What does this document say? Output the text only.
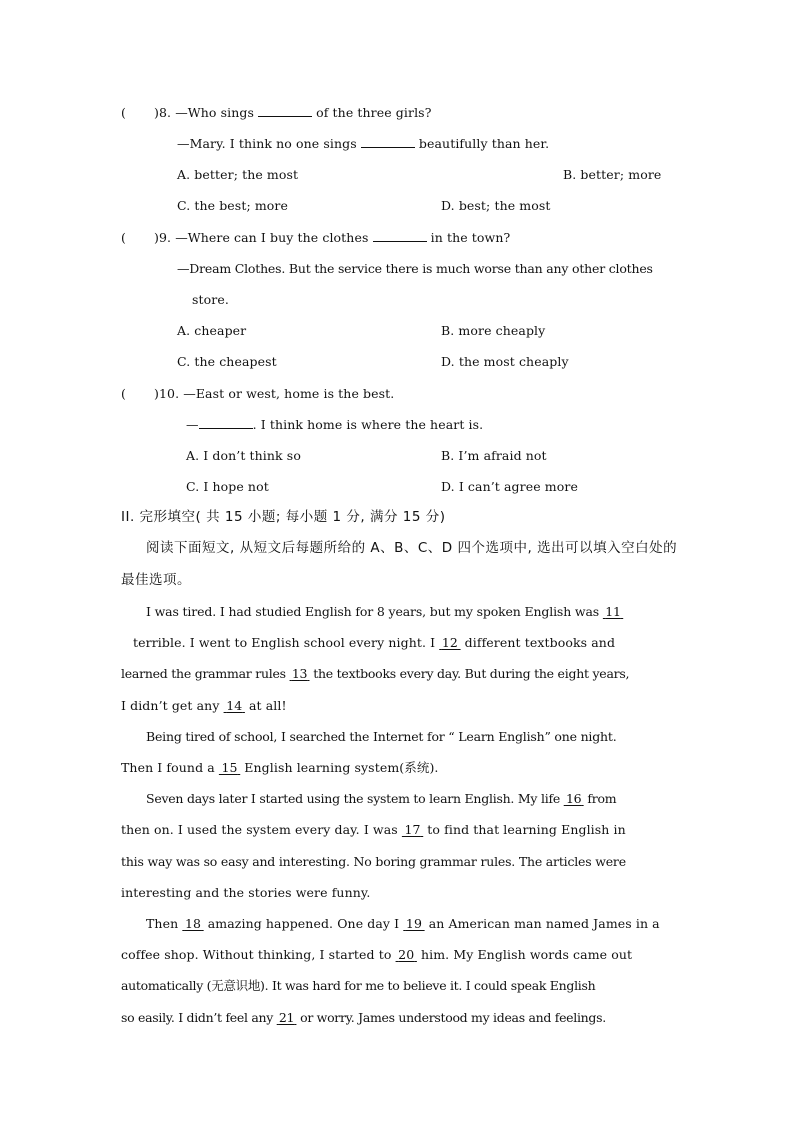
( )8. —Who sings	of the three girls?
—Mary. I think no one sings	beautifully than her.
A. better; the most	B. better; more
C. the best; more	D. best; the most
( )9. —Where can I buy the clothes	in the town?
—Dream Clothes. But the service there is much worse than any other clothes
store.
A. cheaper	B. more cheaply
C. the cheapest	D. the most cheaply
( )10. —East or west, home is the best.
—	. I think home is where the heart is.
A. I don’t think so	B. I’m afraid not
C. I hope not	D. I can’t agree more
II. 完形填空( 共 15 小题; 每小题 1 分, 满分 15 分)
阅读下面短文, 从短文后每题所给的 A、B、C、D 四个选项中, 选出可以填入空白处的
最佳选项。
I was tired. I had studied English for 8 years, but my spoken English was   11 
terrible. I went to English school every night. I   12  different textbooks and
learned the grammar rules   13  the textbooks every day. But during the eight years,
I didn’t get any   14  at all!
Being tired of school, I searched the Internet for “ Learn English” one night.
Then I found a   15  English learning system(系统).
Seven days later I started using the system to learn English. My life   16  from
then on. I used the system every day. I was   17  to find that learning English in
this way was so easy and interesting. No boring grammar rules. The articles were
interesting and the stories were funny.
Then   18  amazing happened. One day I   19  an American man named James in a
coffee shop. Without thinking, I started to   20  him. My English words came out
automatically (无意识地). It was hard for me to believe it. I could speak English
so easily. I didn’t feel any   21  or worry. James understood my ideas and feelings.
